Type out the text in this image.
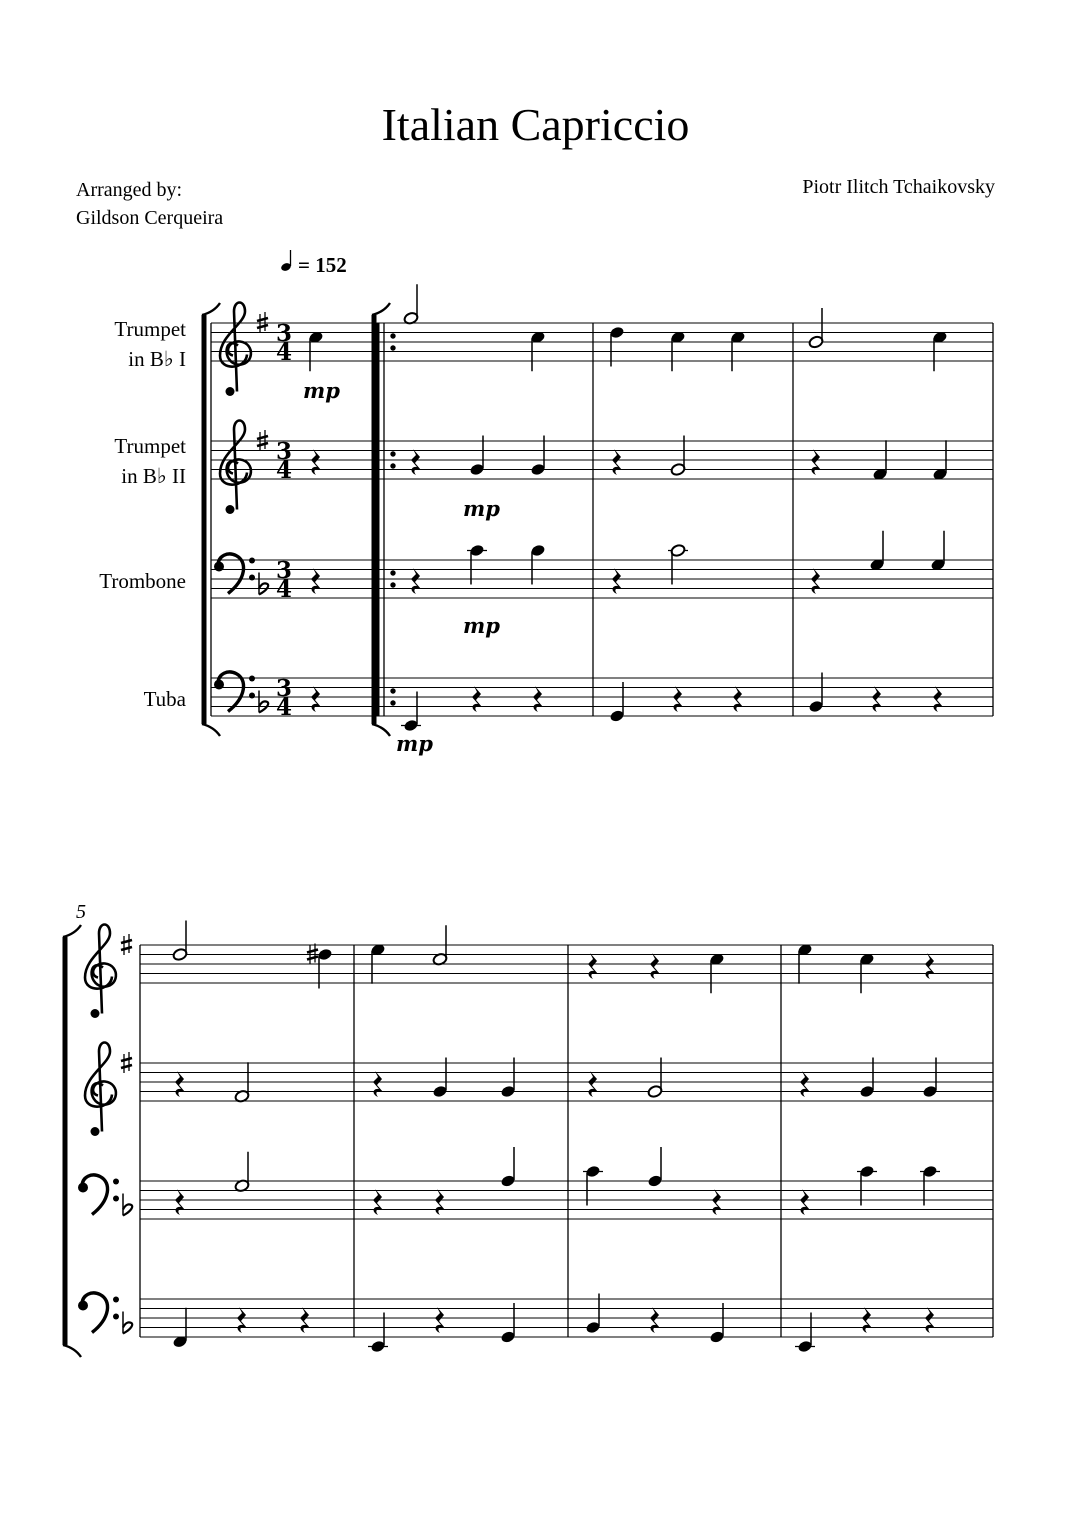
Italian Capriccio
Arranged by:
Gildson Cerqueira
Piotr Ilitch Tchaikovsky
Trumpet
in B♭ I
Trumpet
in B♭ II
Trombone
Tuba
3
4
3
4
3
4
3
4
= 152
mp
mp
mp
mp
5
